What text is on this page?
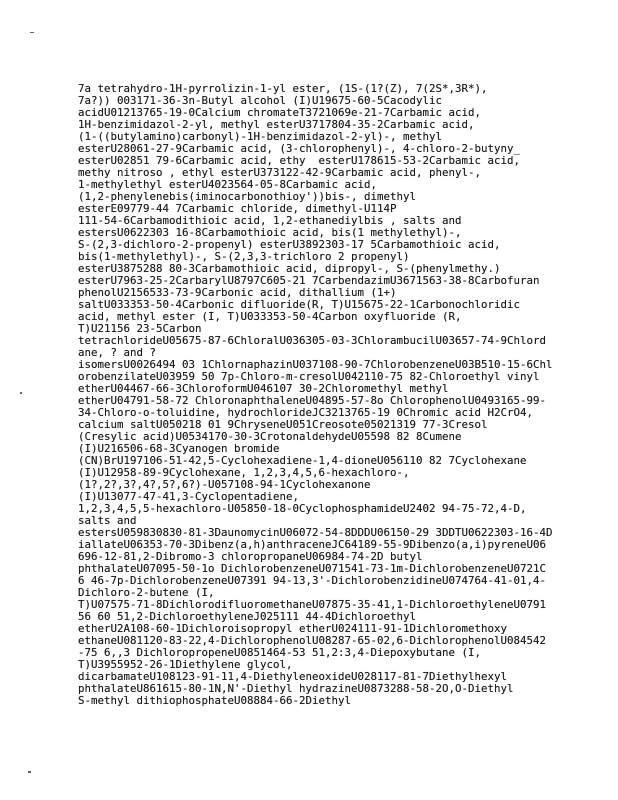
7a tetrahydro-1H-pyrrolizin-1-yl ester, (1S-(1?(Z), 7(2S*,3R*),
7a?)) 003171-36-3n-Butyl alcohol (I)U19675-60-5Cacodylic
acidU01213765-19-0Calcium chromateT3721069e-21-7Carbamic acid,
1H-benzimidazol-2-yl, methyl esterU3717804-35-2Carbamic acid,
(1-((butylamino)carbonyl)-1H-benzimidazol-2-yl)-, methyl
esterU28061-27-9Carbamic acid, (3-chlorophenyl)-, 4-chloro-2-butyny_
esterU02851 79-6Carbamic acid, ethy  esterU178615-53-2Carbamic acid,
methy nitroso , ethyl esterU373122-42-9Carbamic acid, phenyl-,
1-methylethyl esterU4023564-05-8Carbamic acid,
(1,2-phenylenebis(iminocarbonothioy'))bis-, dimethyl
esterE09779-44 7Carbamic chloride, dimethyl-U114P
111-54-6Carbamodithioic acid, 1,2-ethanediylbis , salts and
estersU0622303 16-8Carbamothioic acid, bis(1 methylethyl)-,
S-(2,3-dichloro-2-propenyl) esterU3892303-17 5Carbamothioic acid,
bis(1-methylethyl)-, S-(2,3,3-trichloro 2 propenyl)
esterU3875288 80-3Carbamothioic acid, dipropyl-, S-(phenylmethy.)
esterU7963-25-2CarbarylU8797C605-21 7CarbendazimU3671563-38-8Carbofuran
phenolU2156533-73-9Carbonic acid, dithallium (1+)
saltU033353-50-4Carbonic difluoride(R, T)U15675-22-1Carbonochloridic
acid, methyl ester (I, T)U033353-50-4Carbon oxyfluoride (R,
T)U21156 23-5Carbon
tetrachlorideU05675-87-6ChloralU036305-03-3ChlorambucilU03657-74-9Chlord
ane, ? and ?
isomersU0026494 03 1ChlornaphazinU037108-90-7ChlorobenzeneU03B510-15-6Chl
orobenzilateU03959 50 7p-Chloro-m-cresolU042110-75 82-Chloroethyl vinyl
etherU04467-66-3ChloroformU046107 30-2Chloromethyl methyl
etherU04791-58-72 ChloronaphthaleneU04895-57-8o ChlorophenolU0493165-99-
34-Chloro-o-toluidine, hydrochlorideJC3213765-19 0Chromic acid H2CrO4,
calcium saltU050218 01 9ChryseneU051Creosote05021319 77-3Cresol
(Cresylic acid)U0534170-30-3CrotonaldehydeU05598 82 8Cumene
(I)U216506-68-3Cyanogen bromide
(CN)BrU197106-51-42,5-Cyclohexadiene-1,4-dioneU056110 82 7Cyclohexane
(I)U12958-89-9Cyclohexane, 1,2,3,4,5,6-hexachloro-,
(1?,2?,3?,4?,5?,6?)-U057108-94-1Cyclohexanone
(I)U13077-47-41,3-Cyclopentadiene,
1,2,3,4,5,5-hexachloro-U05850-18-0CyclophosphamideU2402 94-75-72,4-D,
salts and
estersU059830830-81-3DaunomycinU06072-54-8DDDU06150-29 3DDTU0622303-16-4D
iallateU06353-70-3Dibenz(a,h)anthraceneJC64189-55-9Dibenzo(a,i)pyreneU06
696-12-81,2-Dibromo-3 chloropropaneU06984-74-2D butyl
phthalateU07095-50-1o DichlorobenzeneU071541-73-1m-DichlorobenzeneU0721C
6 46-7p-DichlorobenzeneU07391 94-13,3'-DichlorobenzidineU074764-41-01,4-
Dichloro-2-butene (I,
T)U07575-71-8DichlorodifluoromethaneU07875-35-41,1-DichloroethyleneU0791
56 60 51,2-DichloroethyleneJ025111 44-4Dichloroethyl
etherU2A108-60-1Dichloroisopropyl etherU024111-91-1Dichloromethoxy
ethaneU081120-83-22,4-DichlorophenolU08287-65-02,6-DichlorophenolU084542
-75 6,,3 DichloropropeneU0851464-53 51,2:3,4-Diepoxybutane (I,
T)U3955952-26-1Diethylene glycol,
dicarbamateU108123-91-11,4-DiethyleneoxideU028117-81-7Diethylhexyl
phthalateU861615-80-1N,N'-Diethyl hydrazineU0873288-58-2O,O-Diethyl
S-methyl dithiophosphateU08884-66-2Diethyl
